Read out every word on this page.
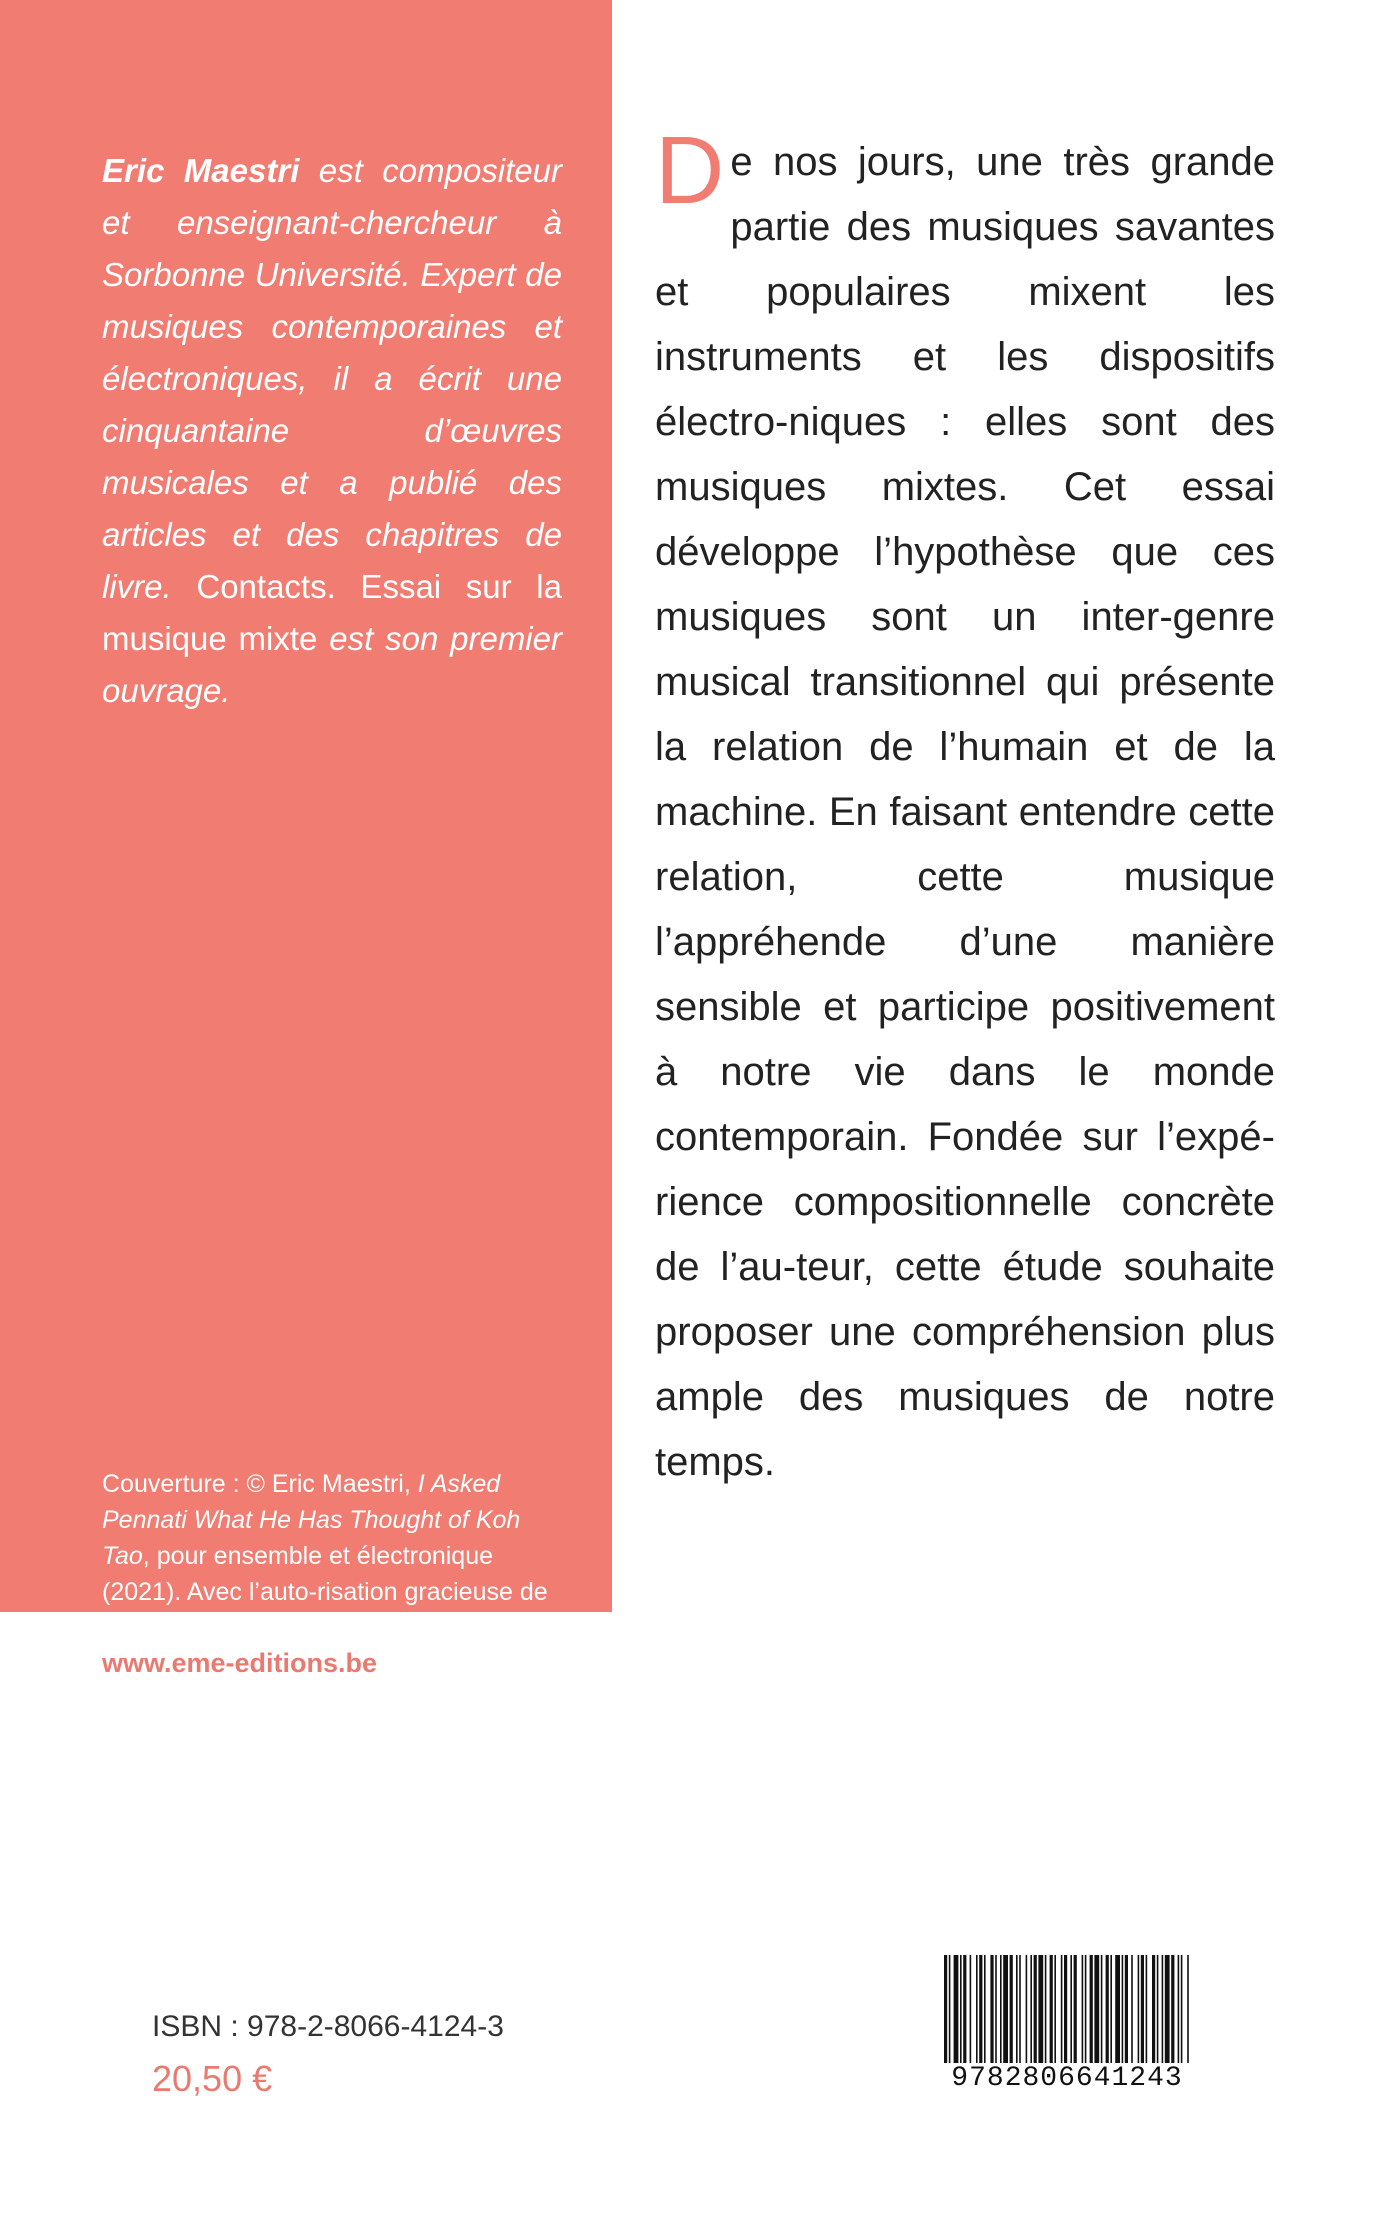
Eric Maestri est compositeur et enseignant-chercheur à Sorbonne Université. Expert de musiques contemporaines et électroniques, il a écrit une cinquantaine d’œuvres musicales et a publié des articles et des chapitres de livre. Contacts. Essai sur la musique mixte est son premier ouvrage.
Couverture : © Eric Maestri, I Asked Pennati What He Has Thought of Koh Tao, pour ensemble et électronique (2021). Avec l’auto-risation gracieuse de Suvini Zerboni.
www.eme-editions.be

De nos jours, une très grande partie des musiques savantes et populaires mixent les instruments et les dispositifs électro-niques : elles sont des musiques mixtes. Cet essai développe l’hypothèse que ces musiques sont un inter-genre musical transitionnel qui présente la relation de l’humain et de la machine. En faisant entendre cette relation, cette musique l’appréhende d’une manière sensible et participe positivement à notre vie dans le monde contemporain. Fondée sur l’expé-rience compositionnelle concrète de l’au-teur, cette étude souhaite proposer une compréhension plus ample des musiques de notre temps.

ISBN : 978-2-8066-4124-3
20,50 €	9782806641243
